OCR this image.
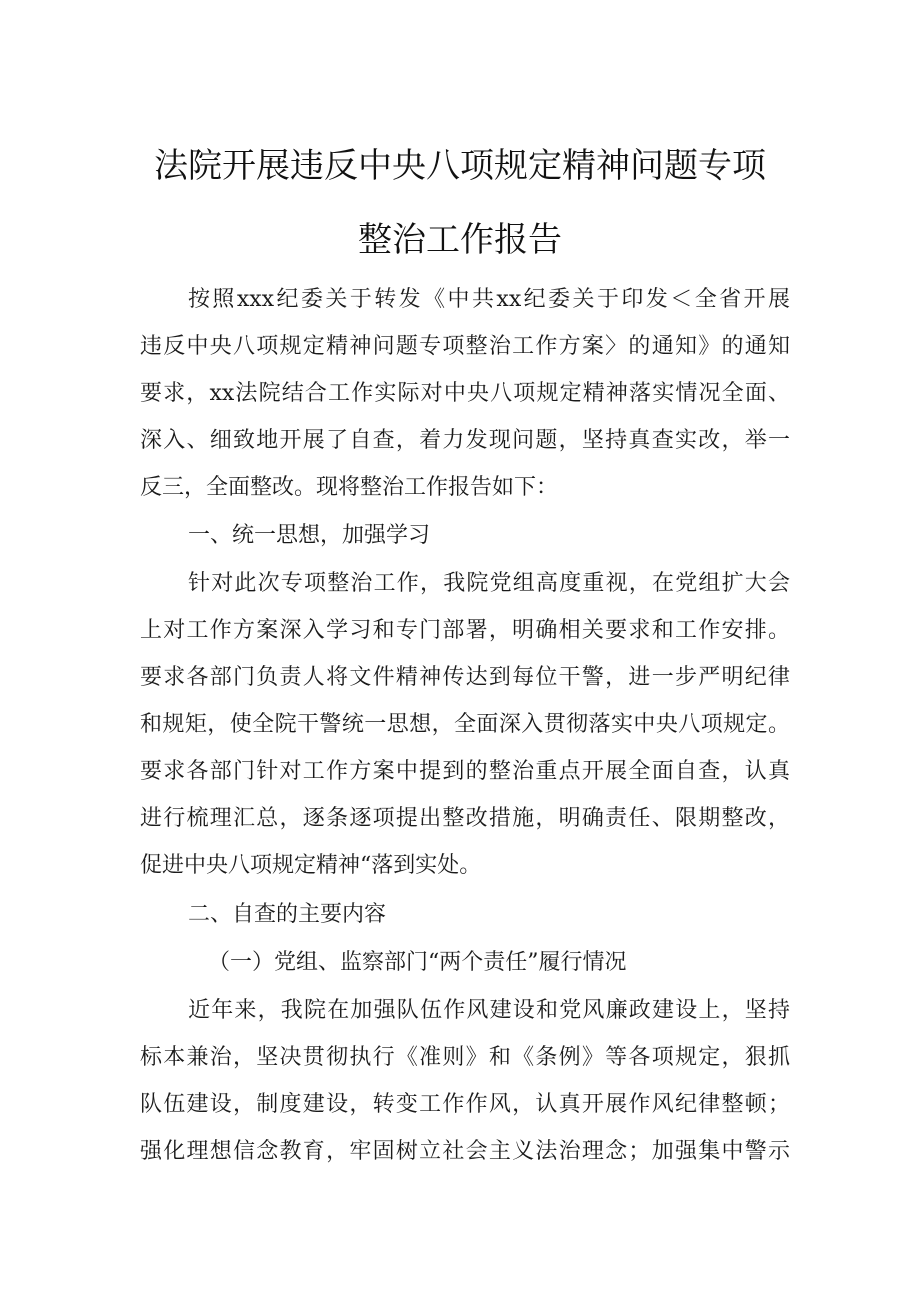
法院开展违反中央八项规定精神问题专项
整治工作报告
按照xxx纪委关于转发《中共xx纪委关于印发＜全省开展
违反中央八项规定精神问题专项整治工作方案〉的通知》的通知
要求，xx法院结合工作实际对中央八项规定精神落实情况全面、
深入、细致地开展了自查，着力发现问题，坚持真查实改，举一
反三，全面整改。现将整治工作报告如下：
一、统一思想，加强学习
针对此次专项整治工作，我院党组高度重视，在党组扩大会
上对工作方案深入学习和专门部署，明确相关要求和工作安排。
要求各部门负责人将文件精神传达到每位干警，进一步严明纪律
和规矩，使全院干警统一思想，全面深入贯彻落实中央八项规定。
要求各部门针对工作方案中提到的整治重点开展全面自查，认真
进行梳理汇总，逐条逐项提出整改措施，明确责任、限期整改，
促进中央八项规定精神“落到实处。
二、自查的主要内容
（一）党组、监察部门“两个责任”履行情况
近年来，我院在加强队伍作风建设和党风廉政建设上，坚持
标本兼治，坚决贯彻执行《准则》和《条例》等各项规定，狠抓
队伍建设，制度建设，转变工作作风，认真开展作风纪律整顿；
强化理想信念教育，牢固树立社会主义法治理念；加强集中警示
